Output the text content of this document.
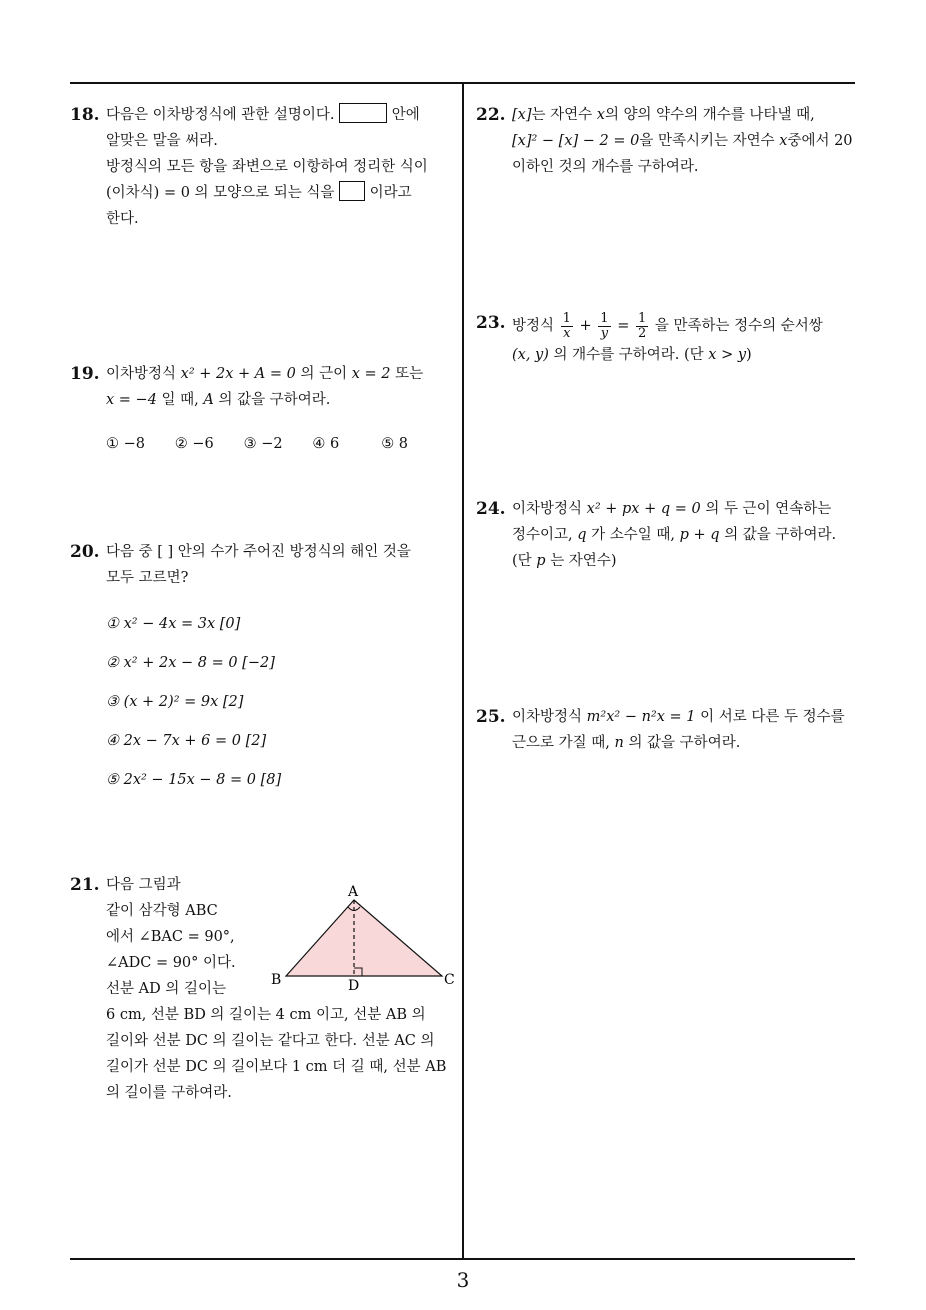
18. 다음은 이차방정식에 관한 설명이다.	안에
알맞은 말을 써라.
방정식의 모든 항을 좌변으로 이항하여 정리한 식이
(이차식) = 0 의 모양으로 되는 식을 이라고
한다.
19. 이차방정식 x² + 2x + A = 0 의 근이 x = 2 또는
x = −4 일 때, A 의 값을 구하여라.
① −8	② −6	③ −2	④ 6	⑤ 8
20. 다음 중 [ ] 안의 수가 주어진 방정식의 해인 것을
모두 고르면?
① x² − 4x = 3x [0]
② x² + 2x − 8 = 0 [−2]
③ (x + 2)² = 9x [2]
④ 2x − 7x + 6 = 0 [2]
⑤ 2x² − 15x − 8 = 0 [8]
21. 다음 그림과
같이 삼각형 ABC
에서 ∠BAC = 90°,
∠ADC = 90° 이다.
선분 AD 의 길이는
6 cm, 선분 BD 의 길이는 4 cm 이고, 선분 AB 의
길이와 선분 DC 의 길이는 같다고 한다. 선분 AC 의
길이가 선분 DC 의 길이보다 1 cm 더 길 때, 선분 AB
의 길이를 구하여라.
A
B	C
D
22. [x]는 자연수 x의 양의 약수의 개수를 나타낼 때,
[x]² − [x] − 2 = 0을 만족시키는 자연수 x중에서 20
이하인 것의 개수를 구하여라.
23. 방정식 $\frac{1}{x} + \frac{1}{y} = \frac{1}{2}$ 을 만족하는 정수의 순서쌍
(x, y) 의 개수를 구하여라. (단 x > y)
24. 이차방정식 x² + px + q = 0 의 두 근이 연속하는
정수이고, q 가 소수일 때, p + q 의 값을 구하여라.
(단 p 는 자연수)
25. 이차방정식 m²x² − n²x = 1 이 서로 다른 두 정수를
근으로 가질 때, n 의 값을 구하여라.
3
